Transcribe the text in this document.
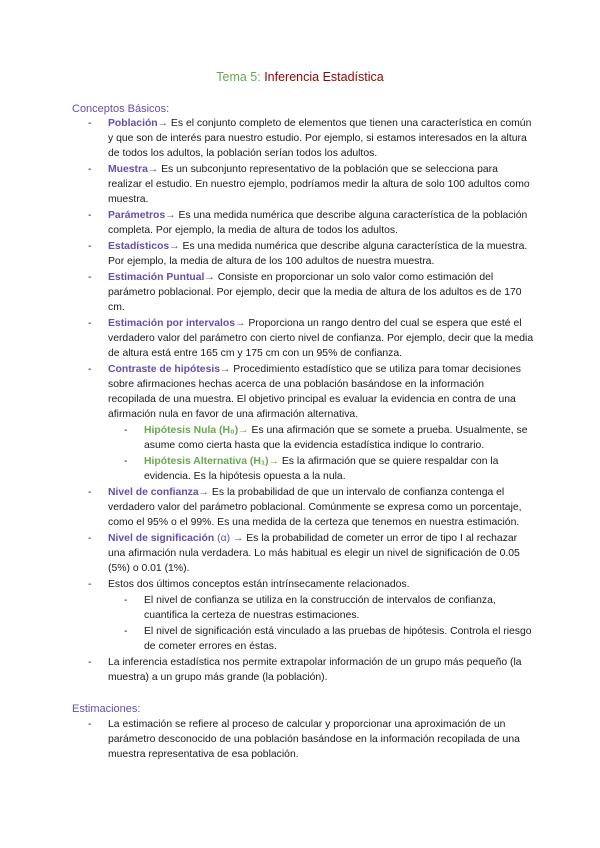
Tema 5: Inferencia Estadística
Conceptos Básicos:
- Población→ Es el conjunto completo de elementos que tienen una característica en común y que son de interés para nuestro estudio. Por ejemplo, si estamos interesados en la altura de todos los adultos, la población serían todos los adultos.
- Muestra→ Es un subconjunto representativo de la población que se selecciona para realizar el estudio. En nuestro ejemplo, podríamos medir la altura de solo 100 adultos como muestra.
- Parámetros→ Es una medida numérica que describe alguna característica de la población completa. Por ejemplo, la media de altura de todos los adultos.
- Estadísticos→ Es una medida numérica que describe alguna característica de la muestra. Por ejemplo, la media de altura de los 100 adultos de nuestra muestra.
- Estimación Puntual→ Consiste en proporcionar un solo valor como estimación del parámetro poblacional. Por ejemplo, decir que la media de altura de los adultos es de 170 cm.
- Estimación por intervalos→ Proporciona un rango dentro del cual se espera que esté el verdadero valor del parámetro con cierto nivel de confianza. Por ejemplo, decir que la media de altura está entre 165 cm y 175 cm con un 95% de confianza.
- Contraste de hipótesis→ Procedimiento estadístico que se utiliza para tomar decisiones sobre afirmaciones hechas acerca de una población basándose en la información recopilada de una muestra. El objetivo principal es evaluar la evidencia en contra de una afirmación nula en favor de una afirmación alternativa.
- Hipótesis Nula (H₀)→ Es una afirmación que se somete a prueba. Usualmente, se asume como cierta hasta que la evidencia estadística indique lo contrario.
- Hipótesis Alternativa (H₁)→ Es la afirmación que se quiere respaldar con la evidencia. Es la hipótesis opuesta a la nula.
- Nivel de confianza→ Es la probabilidad de que un intervalo de confianza contenga el verdadero valor del parámetro poblacional. Comúnmente se expresa como un porcentaje, como el 95% o el 99%. Es una medida de la certeza que tenemos en nuestra estimación.
- Nivel de significación (α) → Es la probabilidad de cometer un error de tipo I al rechazar una afirmación nula verdadera. Lo más habitual es elegir un nivel de significación de 0.05 (5%) o 0.01 (1%).
- Estos dos últimos conceptos están intrínsecamente relacionados.
- El nivel de confianza se utiliza en la construcción de intervalos de confianza, cuantifica la certeza de nuestras estimaciones.
- El nivel de significación está vinculado a las pruebas de hipótesis. Controla el riesgo de cometer errores en éstas.
- La inferencia estadística nos permite extrapolar información de un grupo más pequeño (la muestra) a un grupo más grande (la población).
Estimaciones:
- La estimación se refiere al proceso de calcular y proporcionar una aproximación de un parámetro desconocido de una población basándose en la información recopilada de una muestra representativa de esa población.
